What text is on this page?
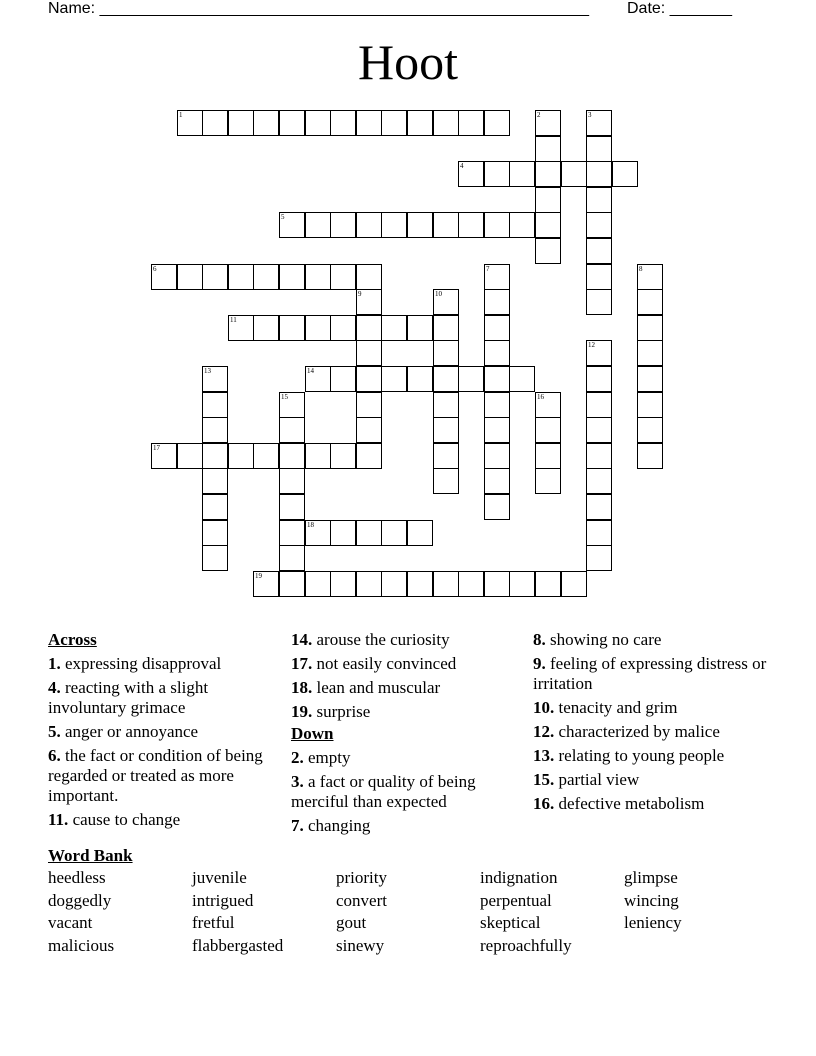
Name: _______________________________________________________ Date: _______
Hoot
1	2	3
4
5
6	7	8
9	10
11
12
13	14
15	16
17
18
19
Across
1. expressing disapproval
4. reacting with a slight involuntary grimace
5. anger or annoyance
6. the fact or condition of being regarded or treated as more important.
11. cause to change
14. arouse the curiosity
17. not easily convinced
18. lean and muscular
19. surprise
Down
2. empty
3. a fact or quality of being merciful than expected
7. changing
8. showing no care
9. feeling of expressing distress or irritation
10. tenacity and grim
12. characterized by malice
13. relating to young people
15. partial view
16. defective metabolism
Word Bank
heedless	juvenile	priority	indignation	glimpse
doggedly	intrigued	convert	perpentual	wincing
vacant	fretful	gout	skeptical	leniency
malicious	flabbergasted	sinewy	reproachfully
